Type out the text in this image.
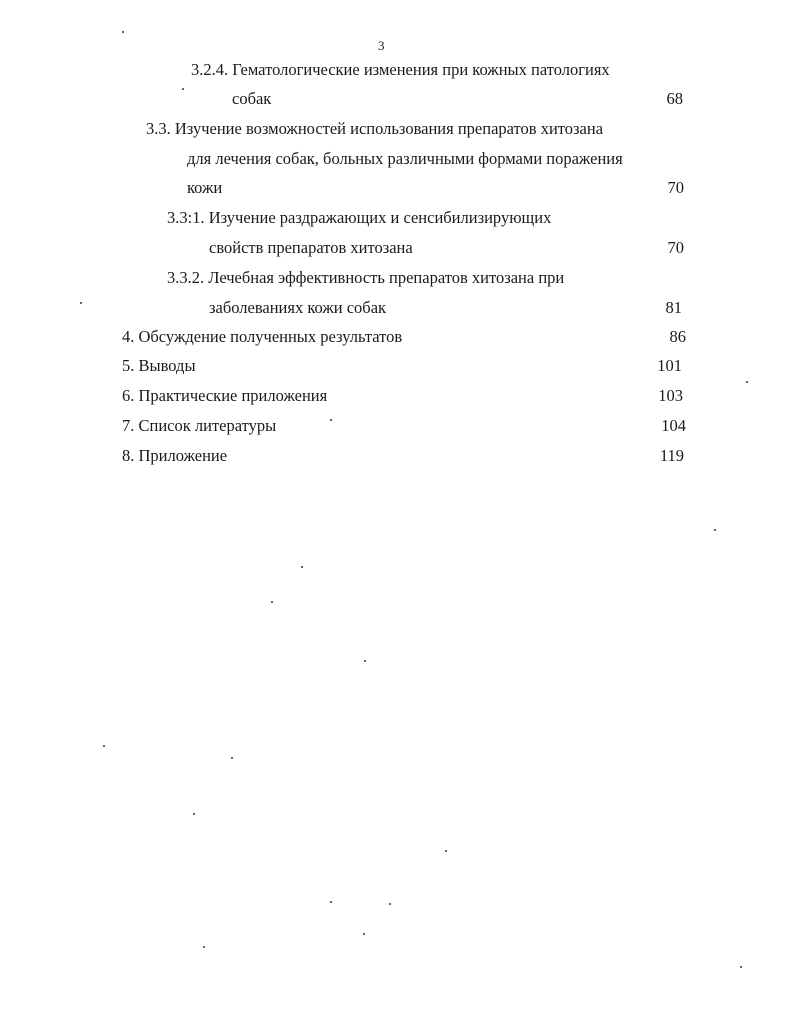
3
3.2.4. Гематологические изменения при кожных патологиях
собак	68
3.3. Изучение возможностей использования препаратов хитозана
для лечения собак, больных различными формами поражения
кожи	70
3.3:1. Изучение раздражающих и сенсибилизирующих
свойств препаратов хитозана	70
3.3.2. Лечебная эффективность препаратов хитозана при
заболеваниях кожи собак	81
4. Обсуждение полученных результатов	86
5. Выводы	101
6. Практические приложения	103
7. Список литературы	104
8. Приложение	119
